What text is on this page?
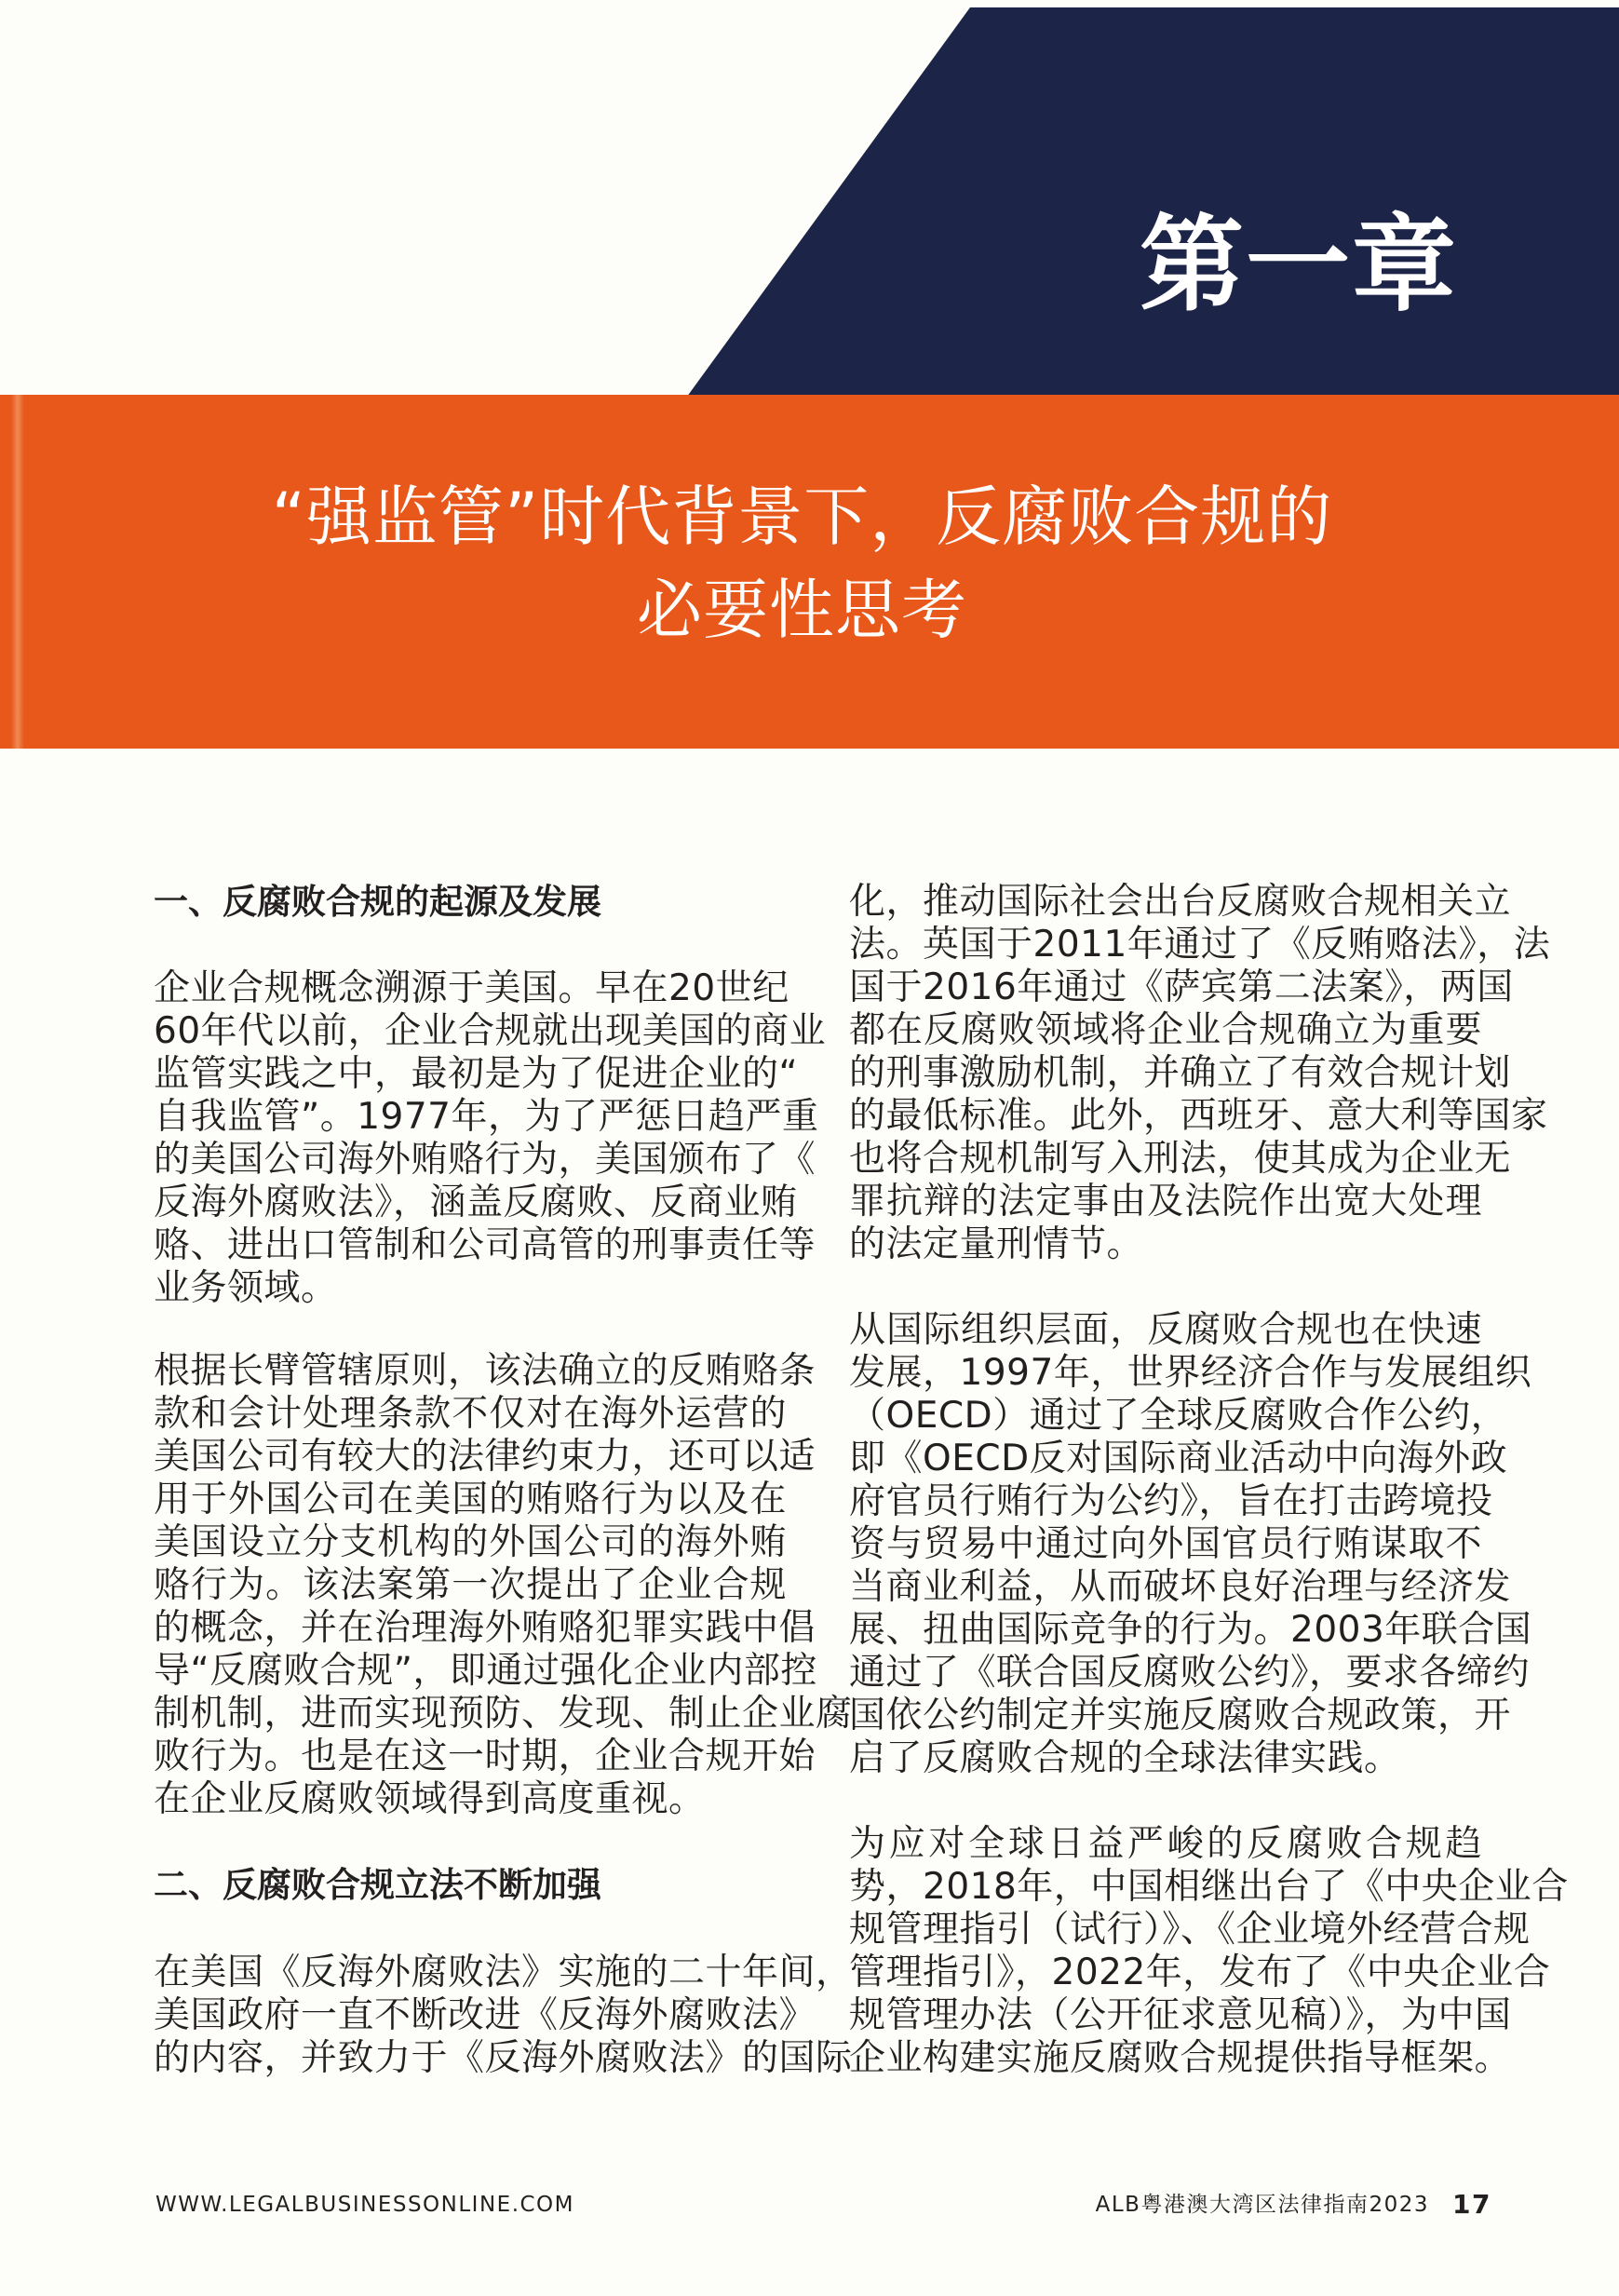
第一章
“强监管”时代背景下，反腐败合规的
必要性思考
一、反腐败合规的起源及发展
企业合规概念溯源于美国。早在20世纪
60年代以前，企业合规就出现美国的商业
监管实践之中，最初是为了促进企业的“
自我监管”。1977年，为了严惩日趋严重
的美国公司海外贿赂行为，美国颁布了《
反海外腐败法》，涵盖反腐败、反商业贿
赂、进出口管制和公司高管的刑事责任等
业务领域。
根据长臂管辖原则，该法确立的反贿赂条
款和会计处理条款不仅对在海外运营的
美国公司有较大的法律约束力，还可以适
用于外国公司在美国的贿赂行为以及在
美国设立分支机构的外国公司的海外贿
赂行为。该法案第一次提出了企业合规
的概念，并在治理海外贿赂犯罪实践中倡
导“反腐败合规”，即通过强化企业内部控
制机制，进而实现预防、发现、制止企业腐
败行为。也是在这一时期，企业合规开始
在企业反腐败领域得到高度重视。
二、反腐败合规立法不断加强
在美国《反海外腐败法》实施的二十年间，
美国政府一直不断改进《反海外腐败法》
的内容，并致力于《反海外腐败法》的国际
化，推动国际社会出台反腐败合规相关立
法。英国于2011年通过了《反贿赂法》，法
国于2016年通过《萨宾第二法案》，两国
都在反腐败领域将企业合规确立为重要
的刑事激励机制，并确立了有效合规计划
的最低标准。此外，西班牙、意大利等国家
也将合规机制写入刑法，使其成为企业无
罪抗辩的法定事由及法院作出宽大处理
的法定量刑情节。
从国际组织层面，反腐败合规也在快速
发展，1997年，世界经济合作与发展组织
（OECD）通过了全球反腐败合作公约，
即《OECD反对国际商业活动中向海外政
府官员行贿行为公约》，旨在打击跨境投
资与贸易中通过向外国官员行贿谋取不
当商业利益，从而破坏良好治理与经济发
展、扭曲国际竞争的行为。2003年联合国
通过了《联合国反腐败公约》，要求各缔约
国依公约制定并实施反腐败合规政策，开
启了反腐败合规的全球法律实践。
为应对全球日益严峻的反腐败合规趋
势，2018年，中国相继出台了《中央企业合
规管理指引（试行）》、《企业境外经营合规
管理指引》，2022年，发布了《中央企业合
规管理办法（公开征求意见稿）》，为中国
企业构建实施反腐败合规提供指导框架。
WWW.LEGALBUSINESSONLINE.COM	ALB粤港澳大湾区法律指南2023 17
